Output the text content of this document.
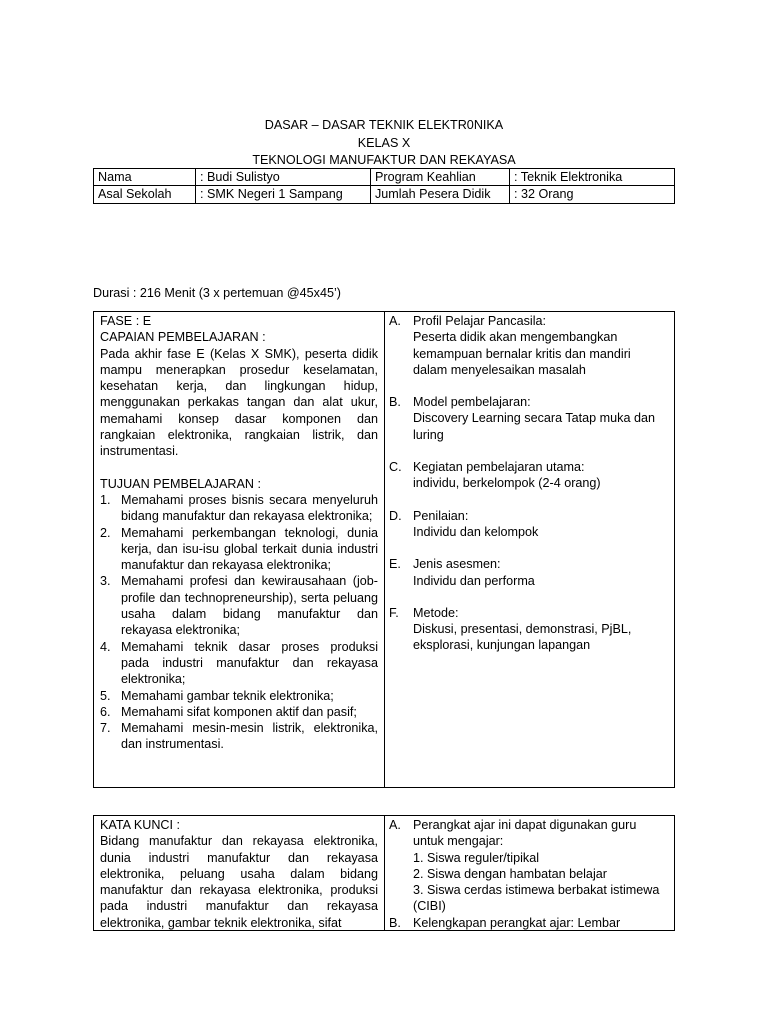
DASAR – DASAR TEKNIK ELEKTR0NIKA
KELAS X
TEKNOLOGI MANUFAKTUR DAN REKAYASA
Nama	: Budi Sulistyo	Program Keahlian	: Teknik Elektronika
Asal Sekolah	: SMK Negeri 1 Sampang	Jumlah Pesera Didik	: 32 Orang
Durasi : 216 Menit (3 x pertemuan @45x45’)
FASE : E
CAPAIAN PEMBELAJARAN :
Pada akhir fase E (Kelas X SMK), peserta didik mampu menerapkan prosedur keselamatan, kesehatan kerja, dan lingkungan hidup, menggunakan perkakas tangan dan alat ukur, memahami konsep dasar komponen dan rangkaian elektronika, rangkaian listrik, dan instrumentasi.
TUJUAN PEMBELAJARAN :
1. Memahami proses bisnis secara menyeluruh bidang manufaktur dan rekayasa elektronika;
2. Memahami perkembangan teknologi, dunia kerja, dan isu-isu global terkait dunia industri manufaktur dan rekayasa elektronika;
3. Memahami profesi dan kewirausahaan (job-profile dan technopreneurship), serta peluang usaha dalam bidang manufaktur dan rekayasa elektronika;
4. Memahami teknik dasar proses produksi pada industri manufaktur dan rekayasa elektronika;
5. Memahami gambar teknik elektronika;
6. Memahami sifat komponen aktif dan pasif;
7. Memahami mesin-mesin listrik, elektronika, dan instrumentasi.
A. Profil Pelajar Pancasila:
Peserta didik akan mengembangkan kemampuan bernalar kritis dan mandiri dalam menyelesaikan masalah
B. Model pembelajaran:
Discovery Learning secara Tatap muka dan luring
C. Kegiatan pembelajaran utama:
individu, berkelompok (2-4 orang)
D. Penilaian:
Individu dan kelompok
E. Jenis asesmen:
Individu dan performa
F. Metode:
Diskusi, presentasi, demonstrasi, PjBL, eksplorasi, kunjungan lapangan
KATA KUNCI :
Bidang manufaktur dan rekayasa elektronika, dunia industri manufaktur dan rekayasa elektronika, peluang usaha dalam bidang manufaktur dan rekayasa elektronika, produksi pada industri manufaktur dan rekayasa elektronika, gambar teknik elektronika, sifat
A. Perangkat ajar ini dapat digunakan guru untuk mengajar:
1. Siswa reguler/tipikal
2. Siswa dengan hambatan belajar
3. Siswa cerdas istimewa berbakat istimewa (CIBI)
B. Kelengkapan perangkat ajar: Lembar
